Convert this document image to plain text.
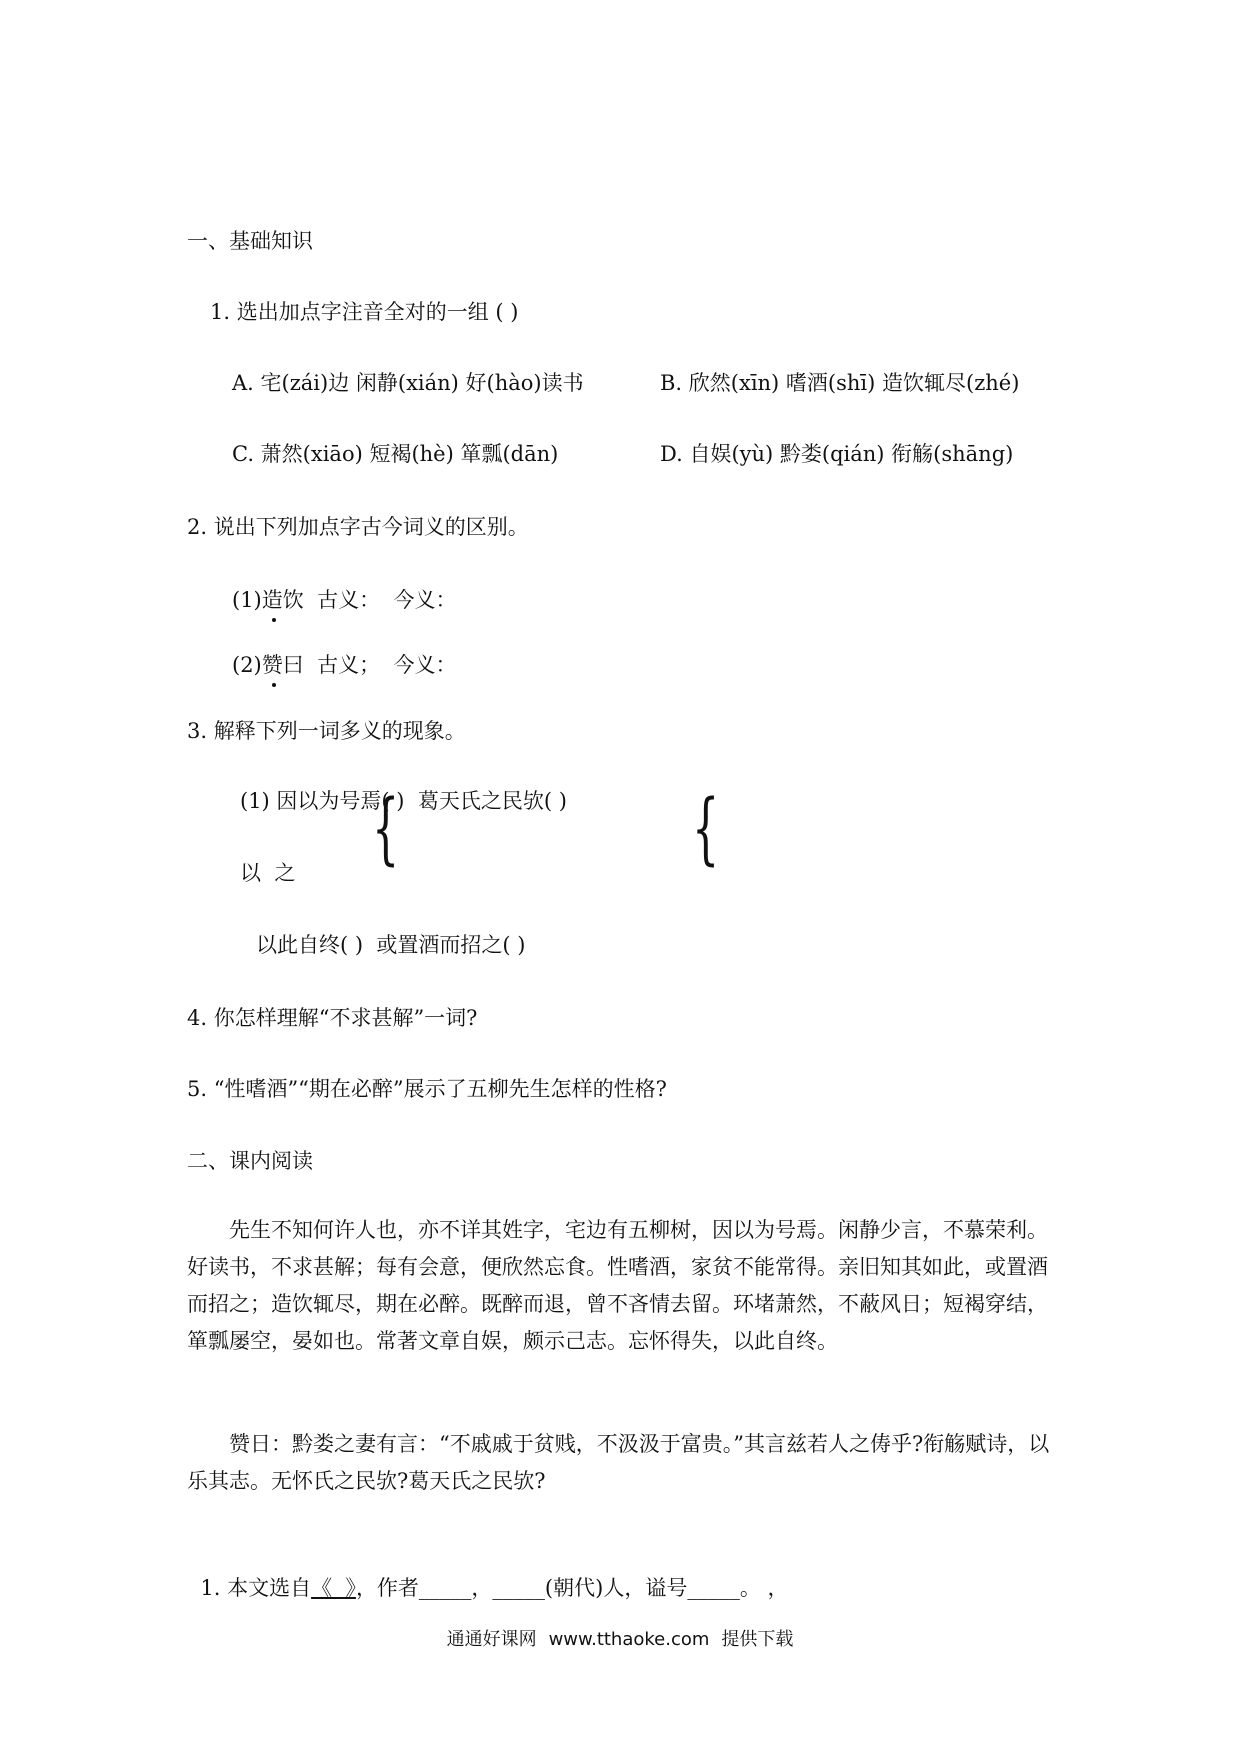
一、基础知识
1. 选出加点字注音全对的一组 ( )
A. 宅(zái)边 闲静(xián) 好(hào)读书	B. 欣然(xīn) 嗜酒(shī) 造饮辄尽(zhé)
C. 萧然(xiāo) 短褐(hè) 箪瓢(dān)	D. 自娱(yù) 黔娄(qián) 衔觞(shāng)
2. 说出下列加点字古今词义的区别。
(1)造饮  古义：  今义：
(2)赞曰  古义；  今义：
3. 解释下列一词多义的现象。
(1) 因以为号焉( )  葛天氏之民欤( )
{	{
以  之
以此自终( )  或置酒而招之( )
4. 你怎样理解“不求甚解”一词?
5. “性嗜酒”“期在必醉”展示了五柳先生怎样的性格?
二、课内阅读
先生不知何许人也，亦不详其姓字，宅边有五柳树，因以为号焉。闲静少言，不慕荣利。好读书，不求甚解；每有会意，便欣然忘食。性嗜酒，家贫不能常得。亲旧知其如此，或置酒而招之；造饮辄尽，期在必醉。既醉而退，曾不吝情去留。环堵萧然，不蔽风日；短褐穿结，箪瓢屡空，晏如也。常著文章自娱，颇示己志。忘怀得失，以此自终。
赞日：黔娄之妻有言：“不戚戚于贫贱，不汲汲于富贵。”其言兹若人之俦乎?衔觞赋诗，以乐其志。无怀氏之民欤?葛天氏之民欤?

1. 本文选自《  》，作者_____，_____(朝代)人，谥号_____。 ，

通通好课网 www.tthaoke.com 提供下载
